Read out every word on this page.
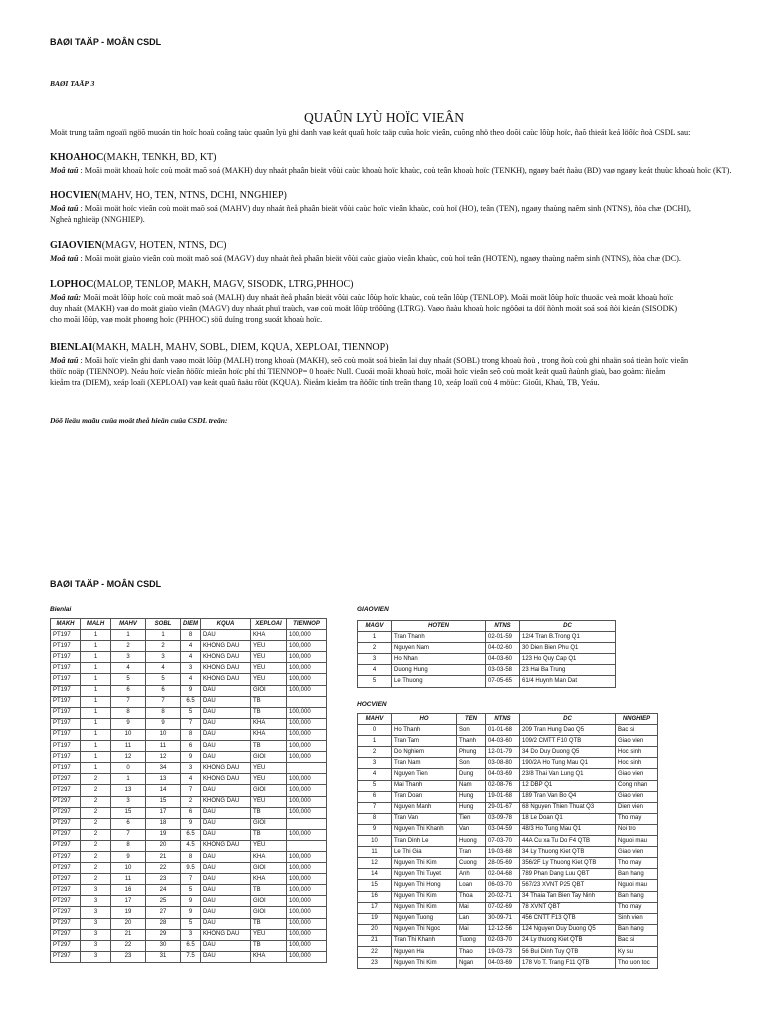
BAØI TAÄP - MOÂN CSDL
BAØI TAÄP 3
QUAÛN LYÙ HOÏC VIEÂN
Moät trung taâm ngoaïi ngöõ muoán tin hoïc hoaù coâng taùc quaûn lyù ghi danh vaø keát quaû hoïc taäp cuûa hoïc vieân, cuõng nhö theo doõi caùc lôùp hoïc, ñaõ thieát keá löôïc ñoà CSDL sau:
KHOAHOC(MAKH, TENKH, BD, KT)
Moâ taû : Moãi moät khoaù hoïc coù moät maõ soá (MAKH) duy nhaát phaân bieät vôùi caùc khoaù hoïc khaùc, coù teân khoaù hoïc (TENKH), ngaøy baét ñaàu (BD) vaø ngaøy keát thuùc khoaù hoïc (KT).
HOCVIEN(MAHV, HO, TEN, NTNS, DCHI, NNGHIEP)
Moâ taû : Moãi moät hoïc vieân coù moät maõ soá (MAHV) duy nhaát ñeå phaân bieät vôùi caùc hoïc vieân khaùc, coù hoï (HO), teân (TEN), ngaøy thaùng naêm sinh (NTNS), ñòa chæ (DCHI),
Ngheà nghieäp (NNGHIEP).
GIAOVIEN(MAGV, HOTEN, NTNS, DC)
Moâ taû : Moãi moät giaùo vieân coù moät maõ soá (MAGV) duy nhaát ñeå phaân bieät vôùi caùc giaùo vieân khaùc, coù hoï teân (HOTEN), ngaøy thaùng naêm sinh (NTNS), ñòa chæ (DC).
LOPHOC(MALOP, TENLOP, MAKH, MAGV, SISODK, LTRG,PHHOC)
Moâ taû: Moãi moät lôùp hoïc coù moät maõ soá (MALH) duy nhaát ñeå phaân bieät vôùi caùc lôùp hoïc khaùc, coù teân lôùp (TENLOP). Moãi moät lôùp hoïc thuoäc veà moät khoaù hoïc
duy nhaát (MAKH) vaø do moät giaùo vieân (MAGV) duy nhaát phuï traùch, vaø coù moät lôùp tröôûng (LTRG). Vaøo ñaàu khoaù hoïc ngöôøi ta döï ñònh moät soá soá ñòi kieán (SISODK)
cho moãi lôùp, vaø moät phoøng hoïc (PHHOC) söû duïng trong suoát khoaù hoïc.
BIENLAI(MAKH, MALH, MAHV, SOBL, DIEM, KQUA, XEPLOAI, TIENNOP)
Moâ taû : Moãi hoïc vieân ghi danh vaøo moät lôùp (MALH) trong khoaù (MAKH), seõ coù moät soá bieân lai duy nhaát (SOBL) trong khoaù ñoù , trong ñoù coù ghi nhaän soá tieàn hoïc vieân
thöïc noäp (TIENNOP). Neáu hoïc vieân ñöôïc mieãn hoïc phí thì TIENNOP= 0 hoaëc Null. Cuoái moãi khoaù hoïc, moãi hoïc vieân seõ coù moät keát quaû ñaùnh giaù, bao goàm: ñieåm
kieåm tra (DIEM), xeáp loaïi (XEPLOAI) vaø keát quaû ñaäu rôùt (KQUA). Ñieåm kieåm tra ñöôïc tính treân thang 10, xeáp loaïi coù 4 möùc: Gioûi, Khaù, TB, Yeáu.
Döõ lieäu maãu cuûa moät theå hieän cuûa CSDL treân:
BAØI TAÄP - MOÂN CSDL
Bienlai
MAKH	MALH	MAHV	SOBL	DIEM	KQUA	XEPLOAI	TIENNOP
PT197	1	1	1	8	DAU	KHA	100,000
PT197	1	2	2	4	KHONG DAU	YEU	100,000
PT197	1	3	3	4	KHONG DAU	YEU	100,000
PT197	1	4	4	3	KHONG DAU	YEU	100,000
PT197	1	5	5	4	KHONG DAU	YEU	100,000
PT197	1	6	6	9	DAU	GIOI	100,000
PT197	1	7	7	6.5	DAU	TB	
PT197	1	8	8	5	DAU	TB	100,000
PT197	1	9	9	7	DAU	KHA	100,000
PT197	1	10	10	8	DAU	KHA	100,000
PT197	1	11	11	6	DAU	TB	100,000
PT197	1	12	12	9	DAU	GIOI	100,000
PT197	1	0	34	3	KHONG DAU	YEU	
PT297	2	1	13	4	KHONG DAU	YEU	100,000
PT297	2	13	14	7	DAU	GIOI	100,000
PT297	2	3	15	2	KHONG DAU	YEU	100,000
PT297	2	15	17	6	DAU	TB	100,000
PT297	2	6	18	9	DAU	GIOI	
PT297	2	7	19	6.5	DAU	TB	100,000
PT297	2	8	20	4.5	KHONG DAU	YEU	
PT297	2	9	21	8	DAU	KHA	100,000
PT297	2	10	22	9.5	DAU	GIOI	100,000
PT297	2	11	23	7	DAU	KHA	100,000
PT297	3	16	24	5	DAU	TB	100,000
PT297	3	17	25	9	DAU	GIOI	100,000
PT297	3	19	27	9	DAU	GIOI	100,000
PT297	3	20	28	5	DAU	TB	100,000
PT297	3	21	29	3	KHONG DAU	YEU	100,000
PT297	3	22	30	6.5	DAU	TB	100,000
PT297	3	23	31	7.5	DAU	KHA	100,000
GIAOVIEN
MAGV	HOTEN	NTNS	DC
1	Tran Thanh	02-01-59	12/4 Tran B.Trong Q1
2	Nguyen Nam	04-02-60	30 Dien Bien Phu Q1
3	Ho Nhan	04-03-60	123 Ho Quy Cap Q1
4	Duong Hung	03-03-58	23 Hai Ba Trung
5	Le Thuong	07-05-65	61/4 Huynh Man Dat
HOCVIEN
MAHV	HO	TEN	NTNS	DC	NNGHIEP
0	Ho Thanh	Son	01-01-68	209 Tran Hung Dao Q5	Bac si
1	Tran Tam	Thanh	04-03-60	109/2 CMTT F10 QTB	Giao vien
2	Do Nghiem	Phung	12-01-79	34 Do Duy Duong Q5	Hoc sinh
3	Tran Nam	Son	03-08-80	190/2A Ho Tung Mau Q1	Hoc sinh
4	Nguyen Tien	Dung	04-03-69	23/8 Thai Van Lung Q1	Giao vien
5	Mai Thanh	Nam	02-08-76	12 DBP Q1	Cong nhan
6	Tran Doan	Hung	19-01-68	189 Tran Van Bo Q4	Giao vien
7	Nguyen Manh	Hung	29-01-67	68 Nguyen Thien Thuat Q3	Dien vien
8	Tran Van	Tien	03-09-78	18 Le Doan Q1	Tho may
9	Nguyen Thi Khanh	Van	03-04-59	48/3 Ho Tung Mau Q1	Noi tro
10	Tran Dinh Le	Huong	07-03-70	44A Cu xa Tu Do F4 QTB	Nguoi mau
11	Le Thi Gia	Tran	19-03-68	34 Ly Thuong Kiet QTB	Giao vien
12	Nguyen Thi Kim	Cuong	28-05-69	356/2F Ly Thuong Kiet QTB	Tho may
14	Nguyen Thi Tuyet	Anh	02-04-68	789 Phan Dang Luu QBT	Ban hang
15	Nguyen Thi Hong	Loan	06-03-70	567/23 XVNT P25 QBT	Nguoi mau
16	Nguyen Thi Kim	Thoa	20-02-71	34 Thaia Tan Bien Tay Ninh	Ban hang
17	Nguyen Thi Kim	Mai	07-02-69	78 XVNT QBT	Tho may
19	Nguyen Tuong	Lan	30-09-71	456 CNTT F13 QTB	Sinh vien
20	Nguyen Thi Ngoc	Mai	12-12-56	124 Nguyen Duy Duong Q5	Ban hang
21	Tran Thi Khanh	Tuong	02-03-70	24 Ly thuong Kiet QTB	Bac si
22	Nguyen Ha	Thao	19-03-73	56 Bui Dinh Tuy QTB	Ky su
23	Nguyen Thi Kim	Ngan	04-03-69	178 Vo T. Trang F11 QTB	Tho uon toc
